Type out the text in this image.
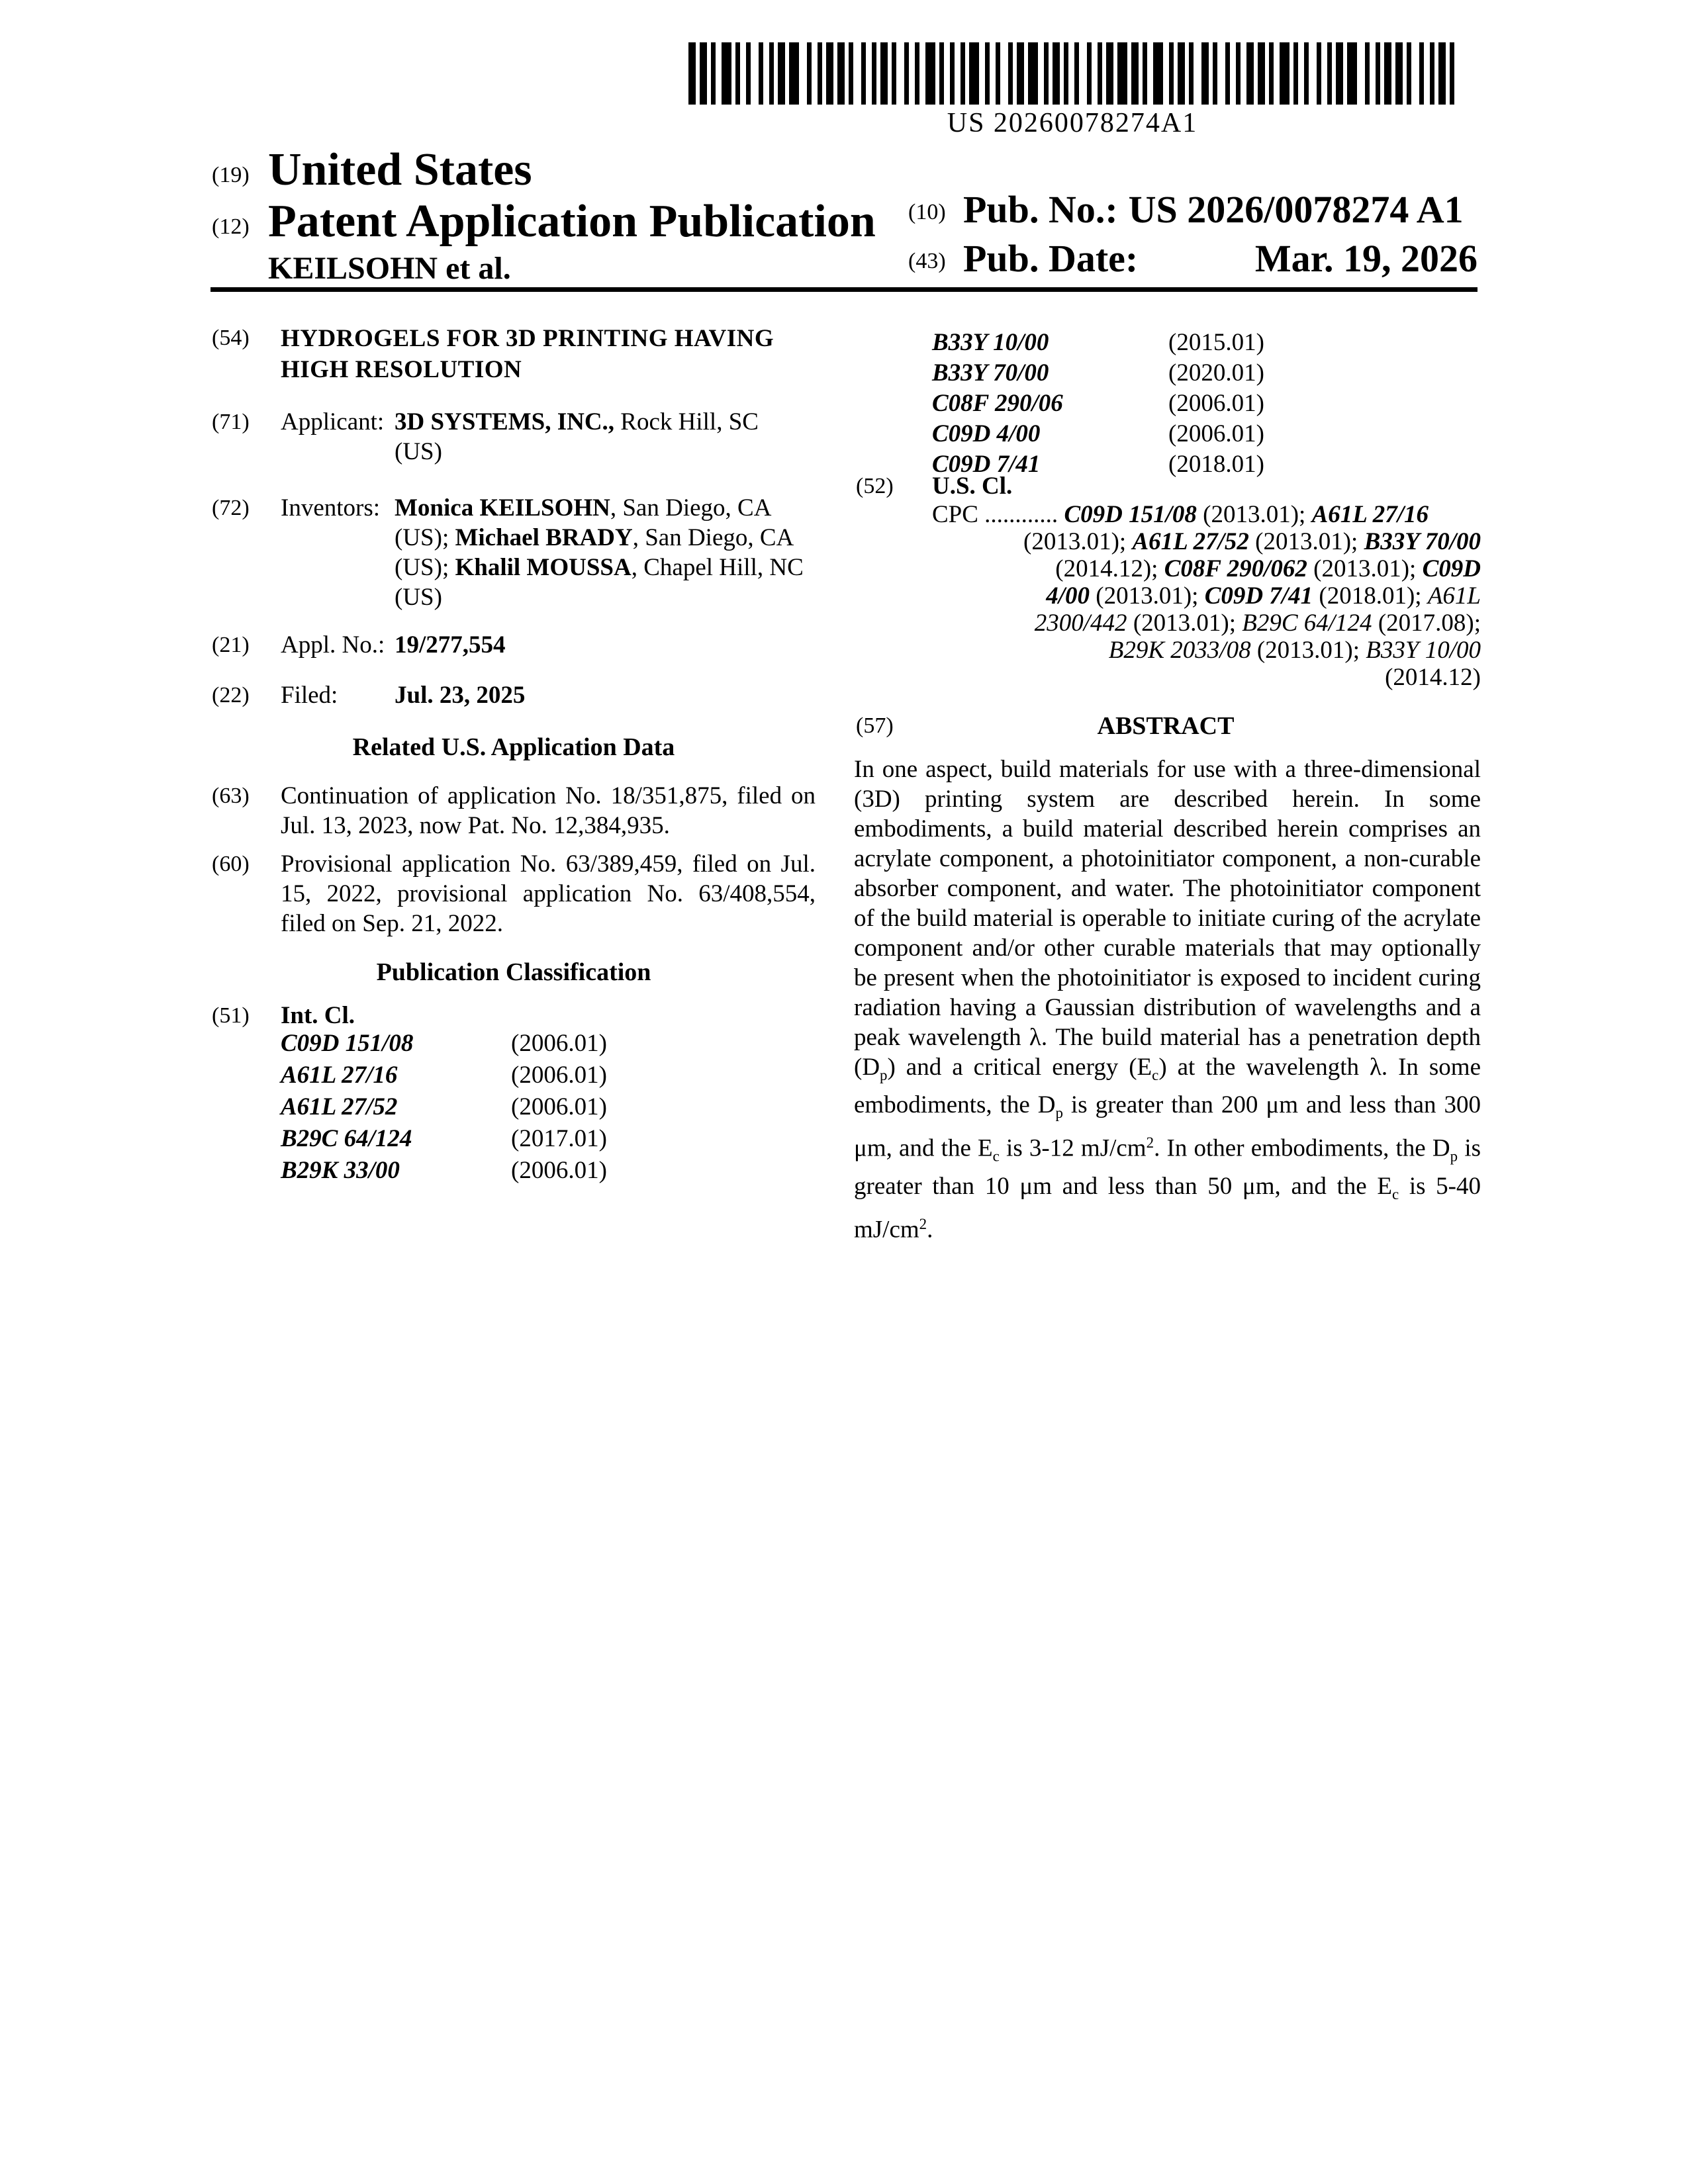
US 20260078274A1
(19) United States
(12) Patent Application Publication
KEILSOHN et al.
(10) Pub. No.: US 2026/0078274 A1
(43) Pub. Date:	Mar. 19, 2026
(54)	HYDROGELS FOR 3D PRINTING HAVING HIGH RESOLUTION
(71)	Applicant: 3D SYSTEMS, INC., Rock Hill, SC (US)
(72)	Inventors: Monica KEILSOHN, San Diego, CA (US); Michael BRADY, San Diego, CA (US); Khalil MOUSSA, Chapel Hill, NC (US)
(21)	Appl. No.: 19/277,554
(22)	Filed:	Jul. 23, 2025
Related U.S. Application Data
(63)	Continuation of application No. 18/351,875, filed on Jul. 13, 2023, now Pat. No. 12,384,935.
(60)	Provisional application No. 63/389,459, filed on Jul. 15, 2022, provisional application No. 63/408,554, filed on Sep. 21, 2022.
Publication Classification
(51)	Int. Cl.
C09D 151/08	(2006.01)
A61L 27/16	(2006.01)
A61L 27/52	(2006.01)
B29C 64/124	(2017.01)
B29K 33/00	(2006.01)
B33Y 10/00	(2015.01)
B33Y 70/00	(2020.01)
C08F 290/06	(2006.01)
C09D 4/00	(2006.01)
C09D 7/41	(2018.01)
(52)	U.S. Cl.
CPC ............ C09D 151/08 (2013.01); A61L 27/16
(2013.01); A61L 27/52 (2013.01); B33Y 70/00
(2014.12); C08F 290/062 (2013.01); C09D
4/00 (2013.01); C09D 7/41 (2018.01); A61L
2300/442 (2013.01); B29C 64/124 (2017.08);
B29K 2033/08 (2013.01); B33Y 10/00
(2014.12)
(57)	ABSTRACT
In one aspect, build materials for use with a three-dimensional (3D) printing system are described herein. In some embodiments, a build material described herein comprises an acrylate component, a photoinitiator component, a non-curable absorber component, and water. The photoinitiator component of the build material is operable to initiate curing of the acrylate component and/or other curable materials that may optionally be present when the photoinitiator is exposed to incident curing radiation having a Gaussian distribution of wavelengths and a peak wavelength λ. The build material has a penetration depth $(D_p)$ and a critical energy $(E_c)$ at the wavelength λ. In some embodiments, the $D_p$ is greater than 200 μm and less than 300 μm, and the $E_c$ is 3-12 $mJ/cm^2$. In other embodiments, the $D_p$ is greater than 10 μm and less than 50 μm, and the $E_c$ is 5-40 $mJ/cm^2$.
